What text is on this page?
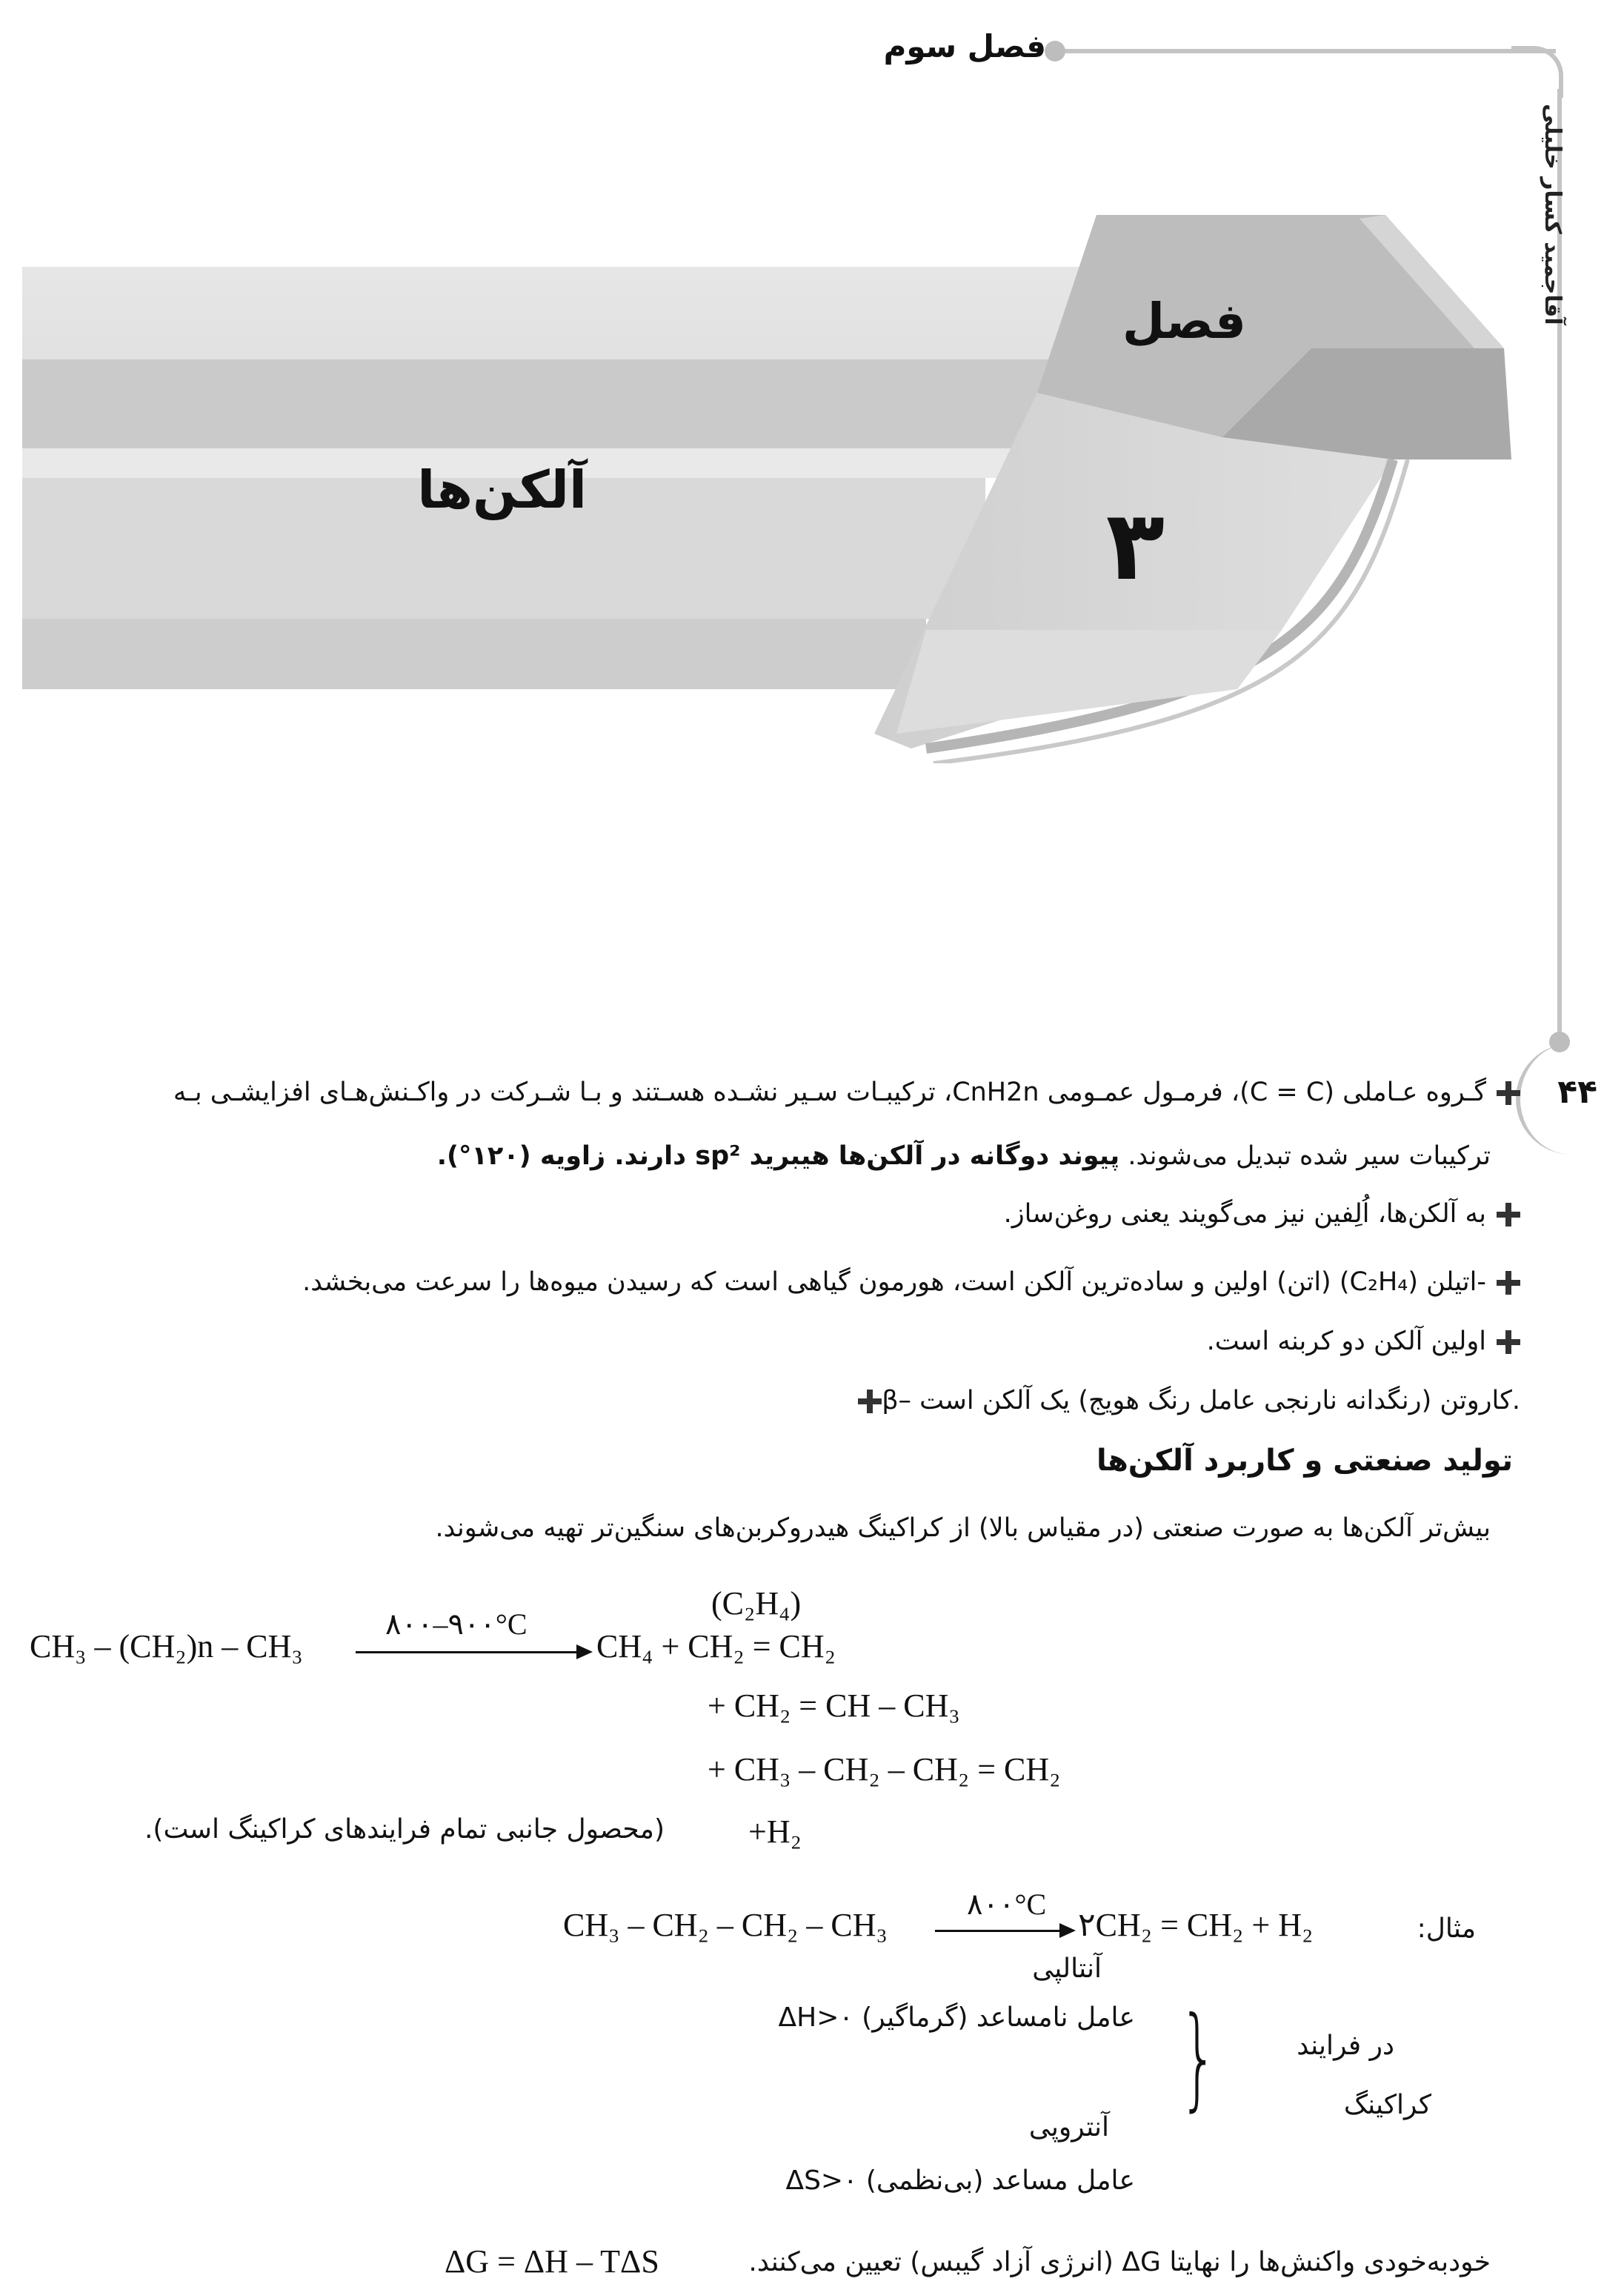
فصل سوم
آقاجمید کسار خلیلی
فصل
۳
آلکن‌ها
۴۴
گـروه عـاملی (C = C)، فرمـول عمـومی CnH2n، ترکیبـات سـیر نشـده هسـتند و بـا شـرکت در واکـنش‌هـای افزایشـی بـه
ترکیبات سیر شده تبدیل می‌شوند. پیوند دوگانه در آلکن‌ها هیبرید sp² دارند. زاویه (۱۲۰°).
به آلکن‌ها، اُلِفین نیز می‌گویند یعنی روغن‌ساز.
-اتیلن (C₂H₄) (اتن) اولین و ساده‌ترین آلکن است، هورمون گیاهی است که رسیدن میوه‌ها را سرعت می‌بخشد.
اولین آلکن دو کربنه است.
β– کاروتن (رنگدانه نارنجی عامل رنگ هویج) یک آلکن است.
تولید صنعتی و کاربرد آلکن‌ها
بیش‌تر آلکن‌ها به صورت صنعتی (در مقیاس بالا) از کراکینگ هیدروکربن‌های سنگین‌تر تهیه می‌شوند.
CH₃ – (CH₂)n – CH₃
۸۰۰–۹۰۰°C
(C₂H₄)
CH₄ + CH₂ = CH₂
+ CH₂ = CH – CH₃
+ CH₃ – CH₂ – CH₂ = CH₂
+H₂
(محصول جانبی تمام فرایندهای کراکینگ است).
مثال:
CH₃ – CH₂ – CH₂ – CH₃
۸۰۰°C
۲CH₂ = CH₂ + H₂
آنتالپی
ΔH>۰ عامل نامساعد (گرماگیر)
آنتروپی
ΔS>۰ عامل مساعد (بی‌نظمی)
}	در فرایند
کراکینگ
خودبه‌خودی واکنش‌ها را نهایتا ΔG (انرژی آزاد گیبس) تعیین می‌کنند.
ΔG = ΔH – TΔS
